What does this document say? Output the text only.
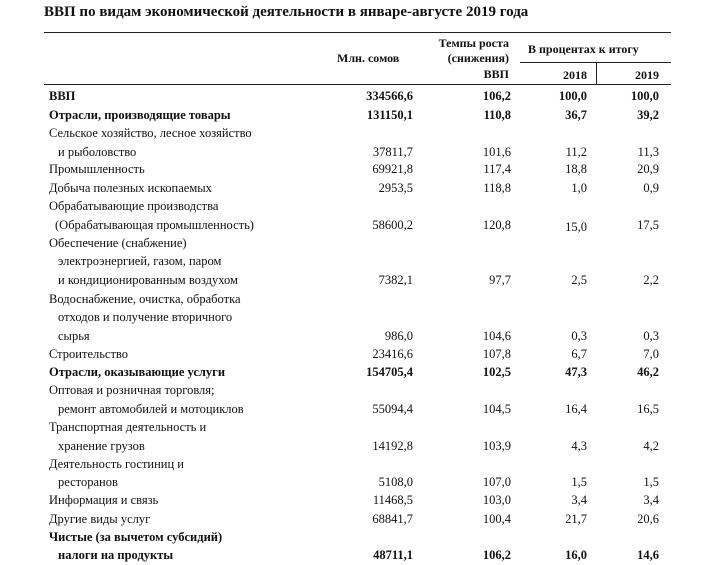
ВВП по видам экономической деятельности в январе-августе 2019 года
Млн. сомов
Темпы роста
(снижения)
ВВП
В процентах к итогу
2018	2019
ВВП	334566,6	106,2	100,0	100,0
Отрасли, производящие товары	131150,1	110,8	36,7	39,2
Сельское хозяйство, лесное хозяйство
и рыболовство	37811,7	101,6	11,2	11,3
Промышленность	69921,8	117,4	18,8	20,9
Добыча полезных ископаемых	2953,5	118,8	1,0	0,9
Обрабатывающие производства
(Обрабатывающая промышленность)	58600,2	120,8	15,0	17,5
Обеспечение (снабжение)
электроэнергией, газом, паром
и кондиционированным воздухом	7382,1	97,7	2,5	2,2
Водоснабжение, очистка, обработка
отходов и получение вторичного
сырья	986,0	104,6	0,3	0,3
Строительство	23416,6	107,8	6,7	7,0
Отрасли, оказывающие услуги	154705,4	102,5	47,3	46,2
Оптовая и розничная торговля;
ремонт автомобилей и мотоциклов	55094,4	104,5	16,4	16,5
Транспортная деятельность и
хранение грузов	14192,8	103,9	4,3	4,2
Деятельность гостиниц и
ресторанов	5108,0	107,0	1,5	1,5
Информация и связь	11468,5	103,0	3,4	3,4
Другие виды услуг	68841,7	100,4	21,7	20,6
Чистые (за вычетом субсидий)
налоги на продукты	48711,1	106,2	16,0	14,6
